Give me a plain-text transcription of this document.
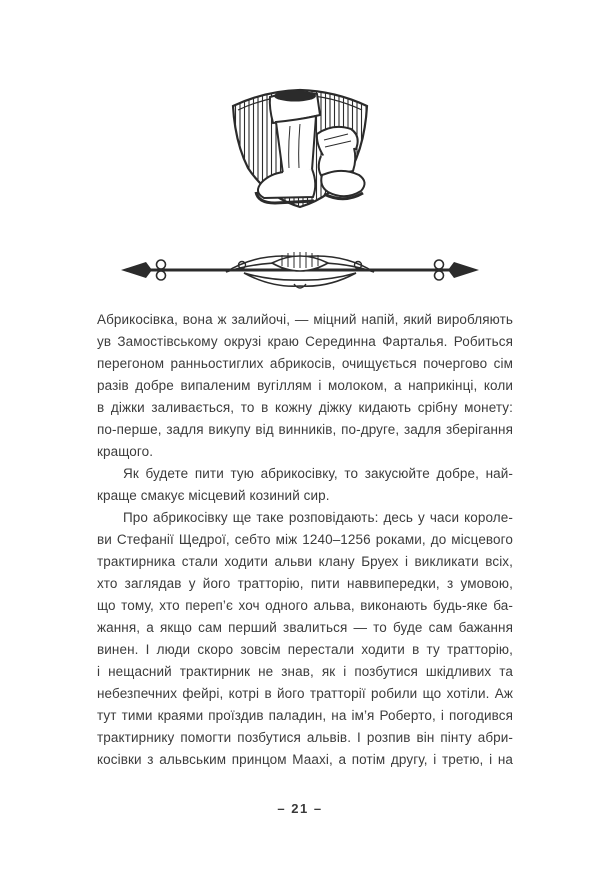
Абрикосівка, вона ж залийочі, — міцний напій, який виробляють
ув Замостівському окрузі краю Серединна Фарталья. Робиться
перегоном ранньостиглих абрикосів, очищується почергово сім
разів добре випаленим вугіллям і молоком, а наприкінці, коли
в діжки заливається, то в кожну діжку кидають срібну монету:
по-перше, задля викупу від винників, по-друге, задля зберігання
кращого.
Як будете пити тую абрикосівку, то закусюйте добре, най-
краще смакує місцевий козиний сир.
Про абрикосівку ще таке розповідають: десь у часи короле-
ви Стефанії Щедрої, себто між 1240–1256 роками, до місцевого
трактирника стали ходити альви клану Бруех і викликати всіх,
хто заглядав у його тратторію, пити наввипередки, з умовою,
що тому, хто переп’є хоч одного альва, виконають будь-яке ба-
жання, а якщо сам перший звалиться — то буде сам бажання
винен. І люди скоро зовсім перестали ходити в ту тратторію,
і нещасний трактирник не знав, як і позбутися шкідливих та
небезпечних фейрі, котрі в його тратторії робили що хотіли. Аж
тут тими краями проїздив паладин, на ім’я Роберто, і погодився
трактирнику помогти позбутися альвів. І розпив він пінту абри-
косівки з альвським принцом Маахі, а потім другу, і третю, і на
– 21 –
